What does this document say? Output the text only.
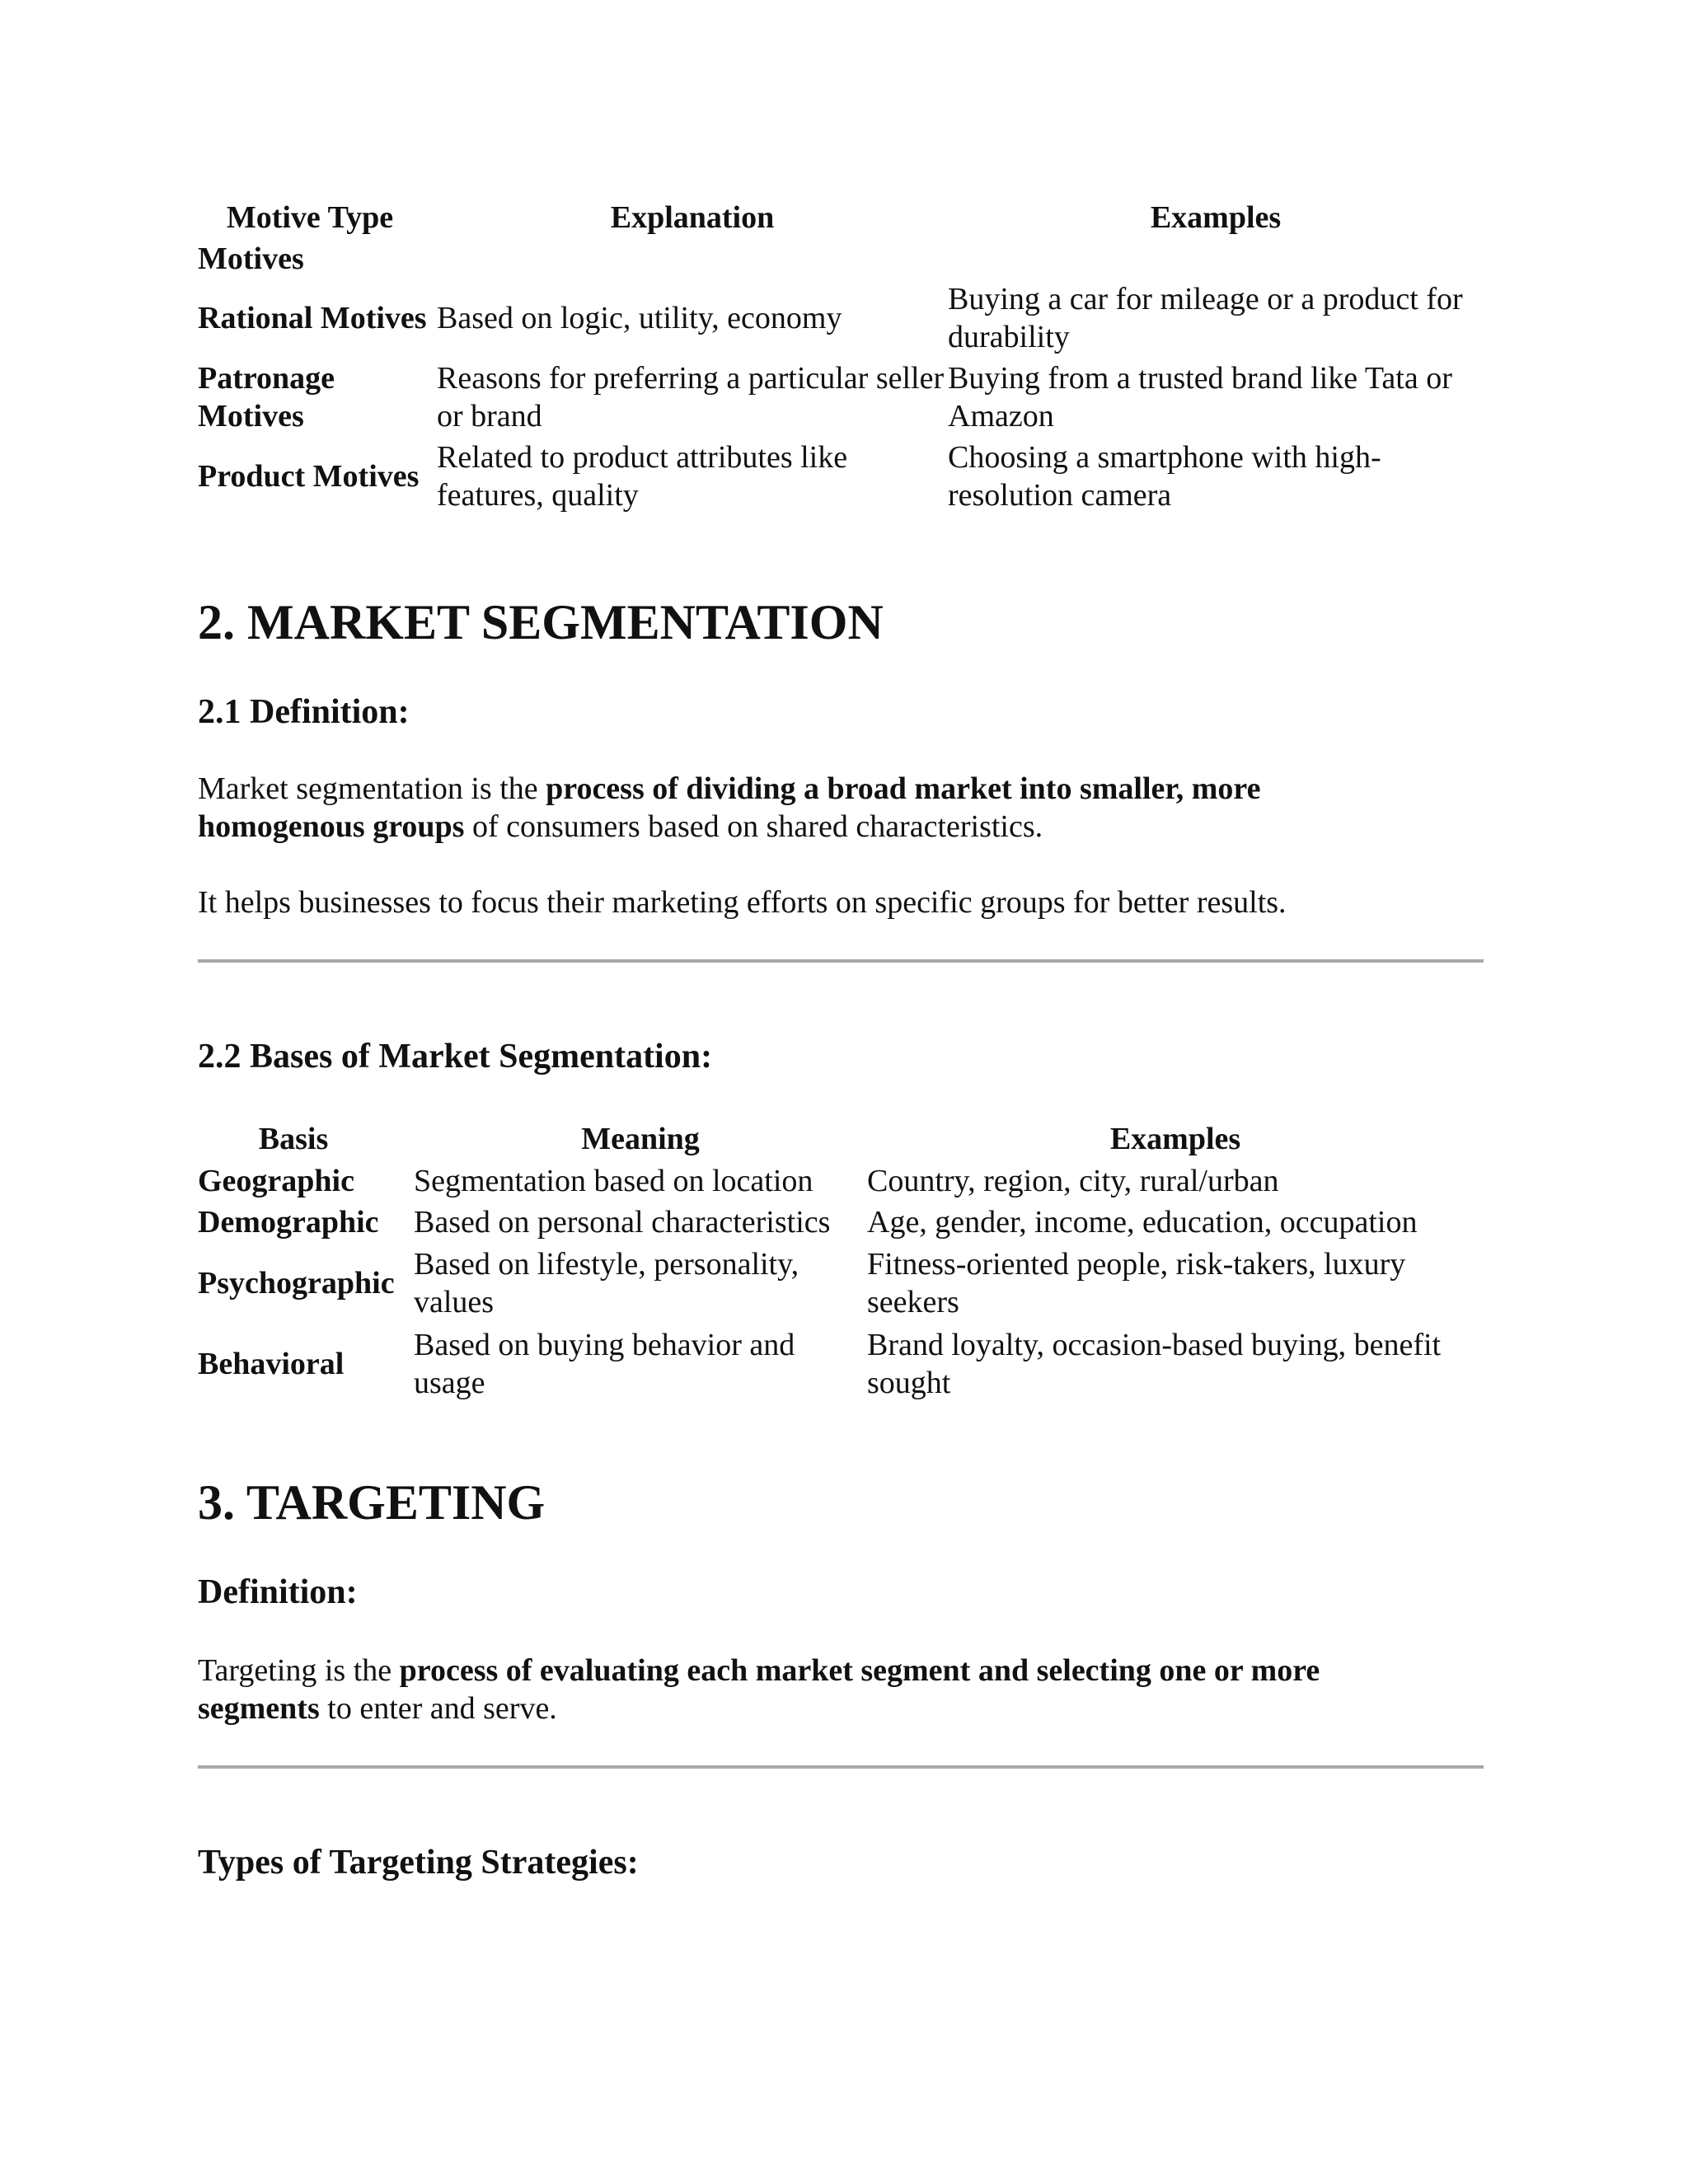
Motive Type	Explanation	Examples
Motives		
Rational Motives	Based on logic, utility, economy	Buying a car for mileage or a product for durability
Patronage Motives	Reasons for preferring a particular seller or brand	Buying from a trusted brand like Tata or Amazon
Product Motives	Related to product attributes like features, quality	Choosing a smartphone with high-resolution camera
2. MARKET SEGMENTATION
2.1 Definition:

Market segmentation is the process of dividing a broad market into smaller, more homogenous groups of consumers based on shared characteristics.

It helps businesses to focus their marketing efforts on specific groups for better results.

2.2 Bases of Market Segmentation:
Basis	Meaning	Examples
Geographic	Segmentation based on location	Country, region, city, rural/urban
Demographic	Based on personal characteristics	Age, gender, income, education, occupation
Psychographic	Based on lifestyle, personality, values	Fitness-oriented people, risk-takers, luxury seekers
Behavioral	Based on buying behavior and usage	Brand loyalty, occasion-based buying, benefit sought
3. TARGETING
Definition:

Targeting is the process of evaluating each market segment and selecting one or more segments to enter and serve.

Types of Targeting Strategies:
